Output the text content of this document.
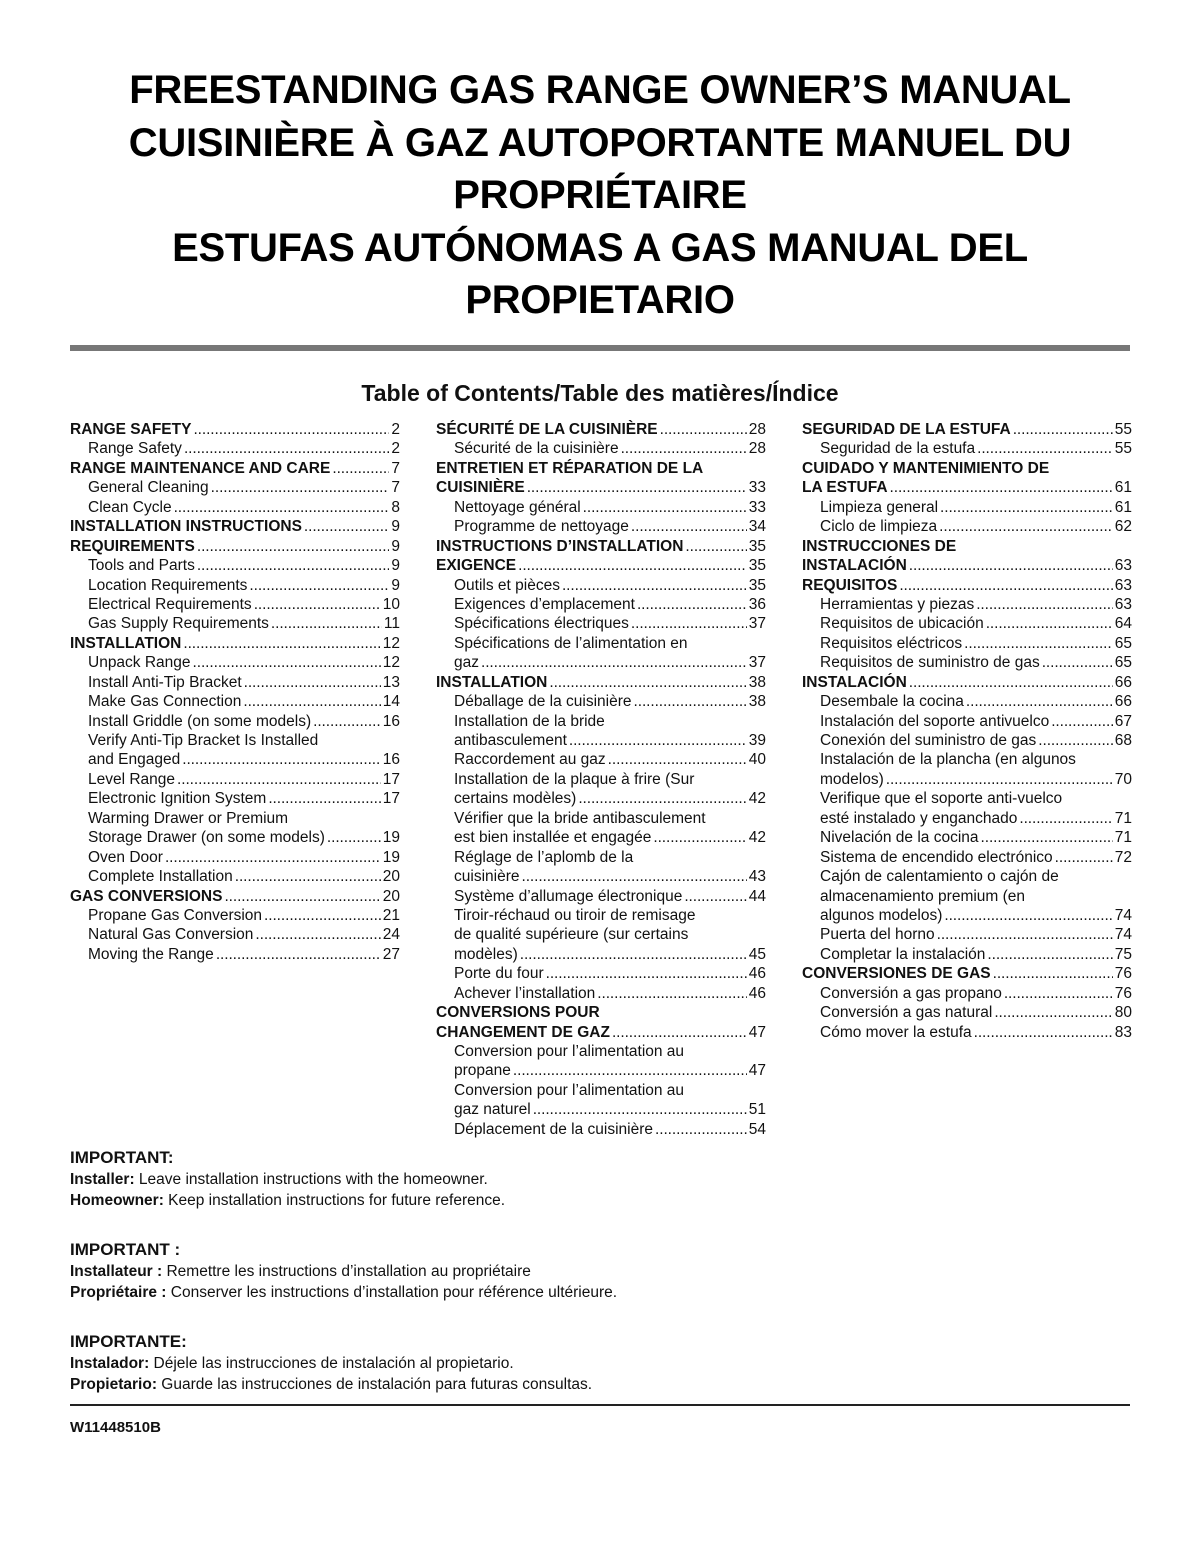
FREESTANDING GAS RANGE OWNER’S MANUAL
CUISINIÈRE À GAZ AUTOPORTANTE MANUEL DU
PROPRIÉTAIRE
ESTUFAS AUTÓNOMAS A GAS MANUAL DEL
PROPIETARIO
Table of Contents/Table des matières/Índice
RANGE SAFETY . . .	2
Range Safety . . .	2
RANGE MAINTENANCE AND CARE . . .	7
General Cleaning . . .	7
Clean Cycle . . .	8
INSTALLATION INSTRUCTIONS . . .	9
REQUIREMENTS . . .	9
Tools and Parts . . .	9
Location Requirements . . .	9
Electrical Requirements . . .	10
Gas Supply Requirements . . .	11
INSTALLATION . . .	12
Unpack Range . . .	12
Install Anti-Tip Bracket . . .	13
Make Gas Connection . . .	14
Install Griddle (on some models) . . .	16
Verify Anti-Tip Bracket Is Installed
and Engaged . . .	16
Level Range . . .	17
Electronic Ignition System . . .	17
Warming Drawer or Premium
Storage Drawer (on some models) . . .	19
Oven Door . . .	19
Complete Installation . . .	20
GAS CONVERSIONS . . .	20
Propane Gas Conversion . . .	21
Natural Gas Conversion . . .	24
Moving the Range . . .	27
SÉCURITÉ DE LA CUISINIÈRE . . .	28
Sécurité de la cuisinière . . .	28
ENTRETIEN ET RÉPARATION DE LA
CUISINIÈRE . . .	33
Nettoyage général . . .	33
Programme de nettoyage . . .	34
INSTRUCTIONS D’INSTALLATION . . .	35
EXIGENCE . . .	35
Outils et pièces . . .	35
Exigences d’emplacement . . .	36
Spécifications électriques . . .	37
Spécifications de l’alimentation en
gaz . . .	37
INSTALLATION . . .	38
Déballage de la cuisinière . . .	38
Installation de la bride
antibasculement . . .	39
Raccordement au gaz . . .	40
Installation de la plaque à frire (Sur
certains modèles) . . .	42
Vérifier que la bride antibasculement
est bien installée et engagée . . .	42
Réglage de l’aplomb de la
cuisinière . . .	43
Système d’allumage électronique . . .	44
Tiroir-réchaud ou tiroir de remisage
de qualité supérieure (sur certains
modèles) . . .	45
Porte du four . . .	46
Achever l’installation . . .	46
CONVERSIONS POUR
CHANGEMENT DE GAZ . . .	47
Conversion pour l’alimentation au
propane . . .	47
Conversion pour l’alimentation au
gaz naturel . . .	51
Déplacement de la cuisinière . . .	54
SEGURIDAD DE LA ESTUFA . . .	55
Seguridad de la estufa . . .	55
CUIDADO Y MANTENIMIENTO DE
LA ESTUFA . . .	61
Limpieza general . . .	61
Ciclo de limpieza . . .	62
INSTRUCCIONES DE
INSTALACIÓN . . .	63
REQUISITOS . . .	63
Herramientas y piezas . . .	63
Requisitos de ubicación . . .	64
Requisitos eléctricos . . .	65
Requisitos de suministro de gas . . .	65
INSTALACIÓN . . .	66
Desembale la cocina . . .	66
Instalación del soporte antivuelco . . .	67
Conexión del suministro de gas . . .	68
Instalación de la plancha (en algunos
modelos) . . .	70
Verifique que el soporte anti-vuelco
esté instalado y enganchado . . .	71
Nivelación de la cocina . . .	71
Sistema de encendido electrónico . . .	72
Cajón de calentamiento o cajón de
almacenamiento premium (en
algunos modelos) . . .	74
Puerta del horno . . .	74
Completar la instalación . . .	75
CONVERSIONES DE GAS . . .	76
Conversión a gas propano . . .	76
Conversión a gas natural . . .	80
Cómo mover la estufa . . .	83
IMPORTANT:
Installer: Leave installation instructions with the homeowner.
Homeowner: Keep installation instructions for future reference.
IMPORTANT :
Installateur : Remettre les instructions d’installation au propriétaire
Propriétaire : Conserver les instructions d’installation pour référence ultérieure.
IMPORTANTE:
Instalador: Déjele las instrucciones de instalación al propietario.
Propietario: Guarde las instrucciones de instalación para futuras consultas.
W11448510B
